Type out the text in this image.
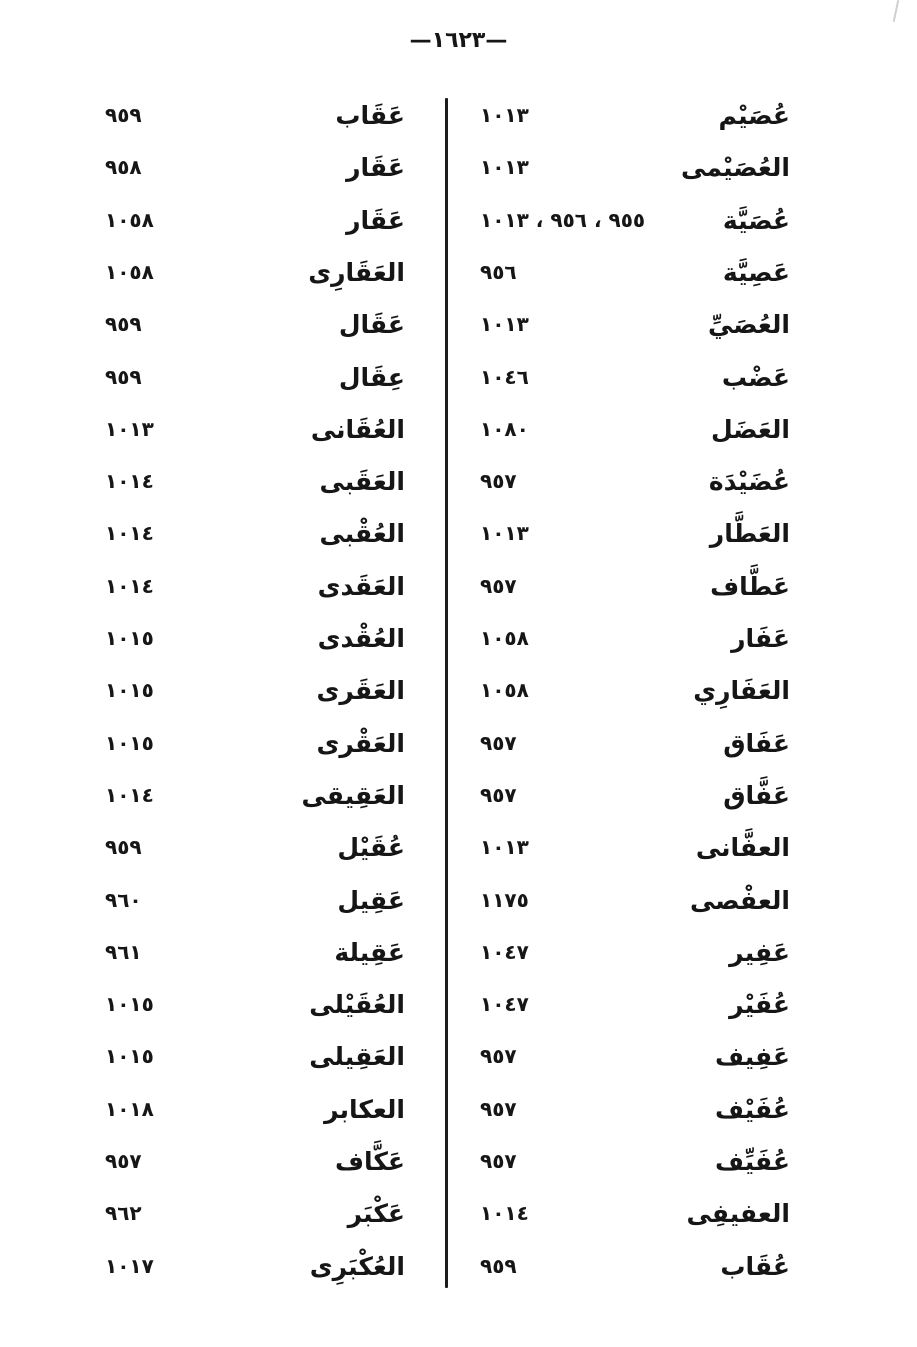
—١٦٢٣—
١٠١٣	عُصَيْم
١٠١٣	العُصَيْمى
٩٥٥ ، ٩٥٦ ، ١٠١٣	عُصَيَّة
٩٥٦	عَصِيَّة
١٠١٣	العُصَيِّ
١٠٤٦	عَضْب
١٠٨٠	العَضَل
٩٥٧	عُضَيْدَة
١٠١٣	العَطَّار
٩٥٧	عَطَّاف
١٠٥٨	عَفَار
١٠٥٨	العَفَارِي
٩٥٧	عَفَاق
٩٥٧	عَفَّاق
١٠١٣	العفَّانى
١١٧٥	العفْصى
١٠٤٧	عَفِير
١٠٤٧	عُفَيْر
٩٥٧	عَفِيف
٩٥٧	عُفَيْف
٩٥٧	عُفَيِّف
١٠١٤	العفيفِى
٩٥٩	عُقَاب
٩٥٩	عَقَاب
٩٥٨	عَقَار
١٠٥٨	عَقَار
١٠٥٨	العَقَارِى
٩٥٩	عَقَال
٩٥٩	عِقَال
١٠١٣	العُقَانى
١٠١٤	العَقَبى
١٠١٤	العُقْبى
١٠١٤	العَقَدى
١٠١٥	العُقْدى
١٠١٥	العَقَرى
١٠١٥	العَقْرى
١٠١٤	العَقِيقى
٩٥٩	عُقَيْل
٩٦٠	عَقِيل
٩٦١	عَقِيلة
١٠١٥	العُقَيْلى
١٠١٥	العَقِيلى
١٠١٨	العكابر
٩٥٧	عَكَّاف
٩٦٢	عَكْبَر
١٠١٧	العُكْبَرِى
